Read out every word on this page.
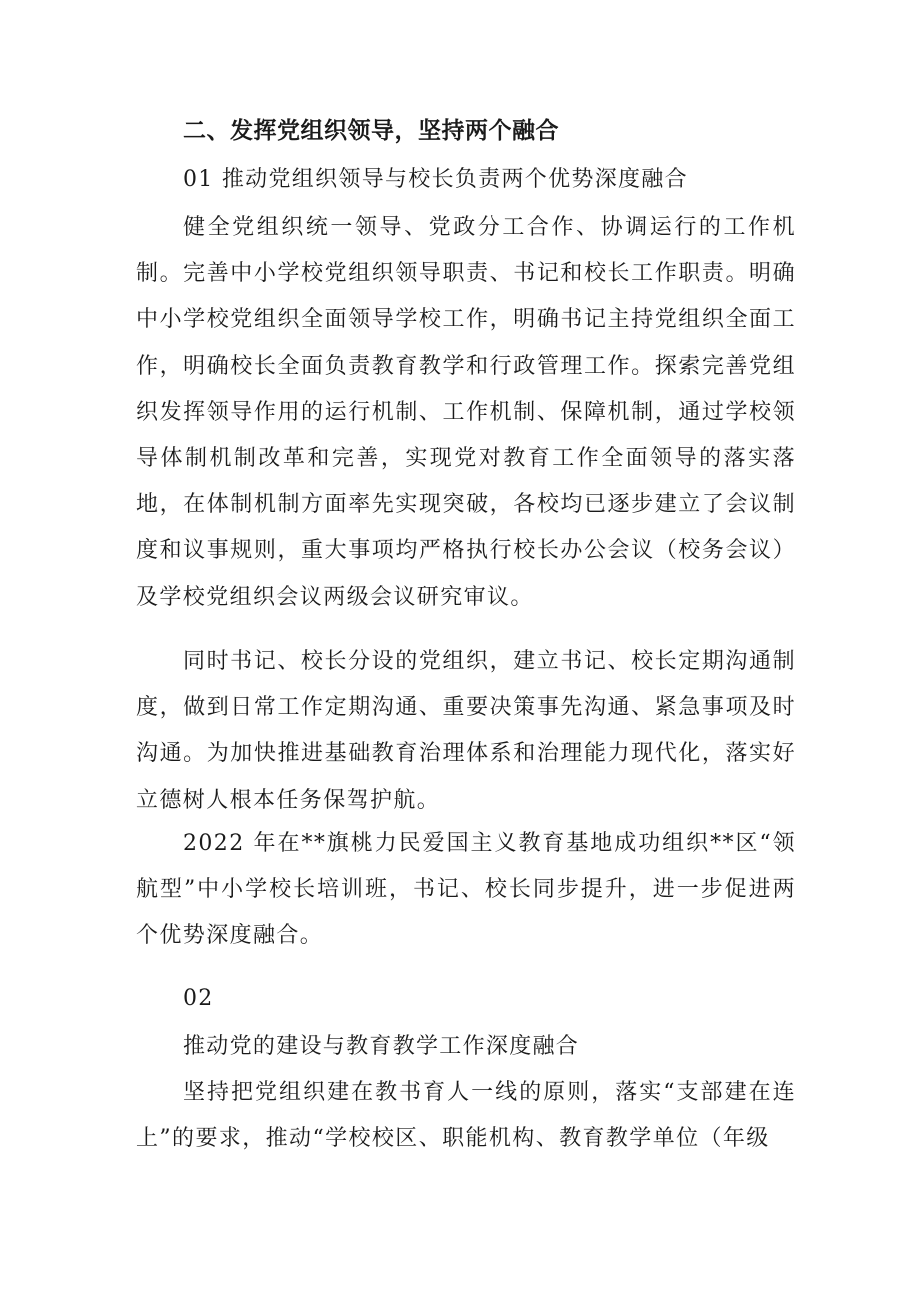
二、发挥党组织领导，坚持两个融合
01 推动党组织领导与校长负责两个优势深度融合

健全党组织统一领导、党政分工合作、协调运行的工作机制。完善中小学校党组织领导职责、书记和校长工作职责。明确中小学校党组织全面领导学校工作，明确书记主持党组织全面工作，明确校长全面负责教育教学和行政管理工作。探索完善党组织发挥领导作用的运行机制、工作机制、保障机制，通过学校领导体制机制改革和完善，实现党对教育工作全面领导的落实落地，在体制机制方面率先实现突破，各校均已逐步建立了会议制度和议事规则，重大事项均严格执行校长办公会议（校务会议）及学校党组织会议两级会议研究审议。

同时书记、校长分设的党组织，建立书记、校长定期沟通制度，做到日常工作定期沟通、重要决策事先沟通、紧急事项及时沟通。为加快推进基础教育治理体系和治理能力现代化，落实好立德树人根本任务保驾护航。

2022 年在**旗桃力民爱国主义教育基地成功组织**区“领航型”中小学校长培训班，书记、校长同步提升，进一步促进两个优势深度融合。

02
推动党的建设与教育教学工作深度融合

坚持把党组织建在教书育人一线的原则，落实“支部建在连上”的要求，推动“学校校区、职能机构、教育教学单位（年级
